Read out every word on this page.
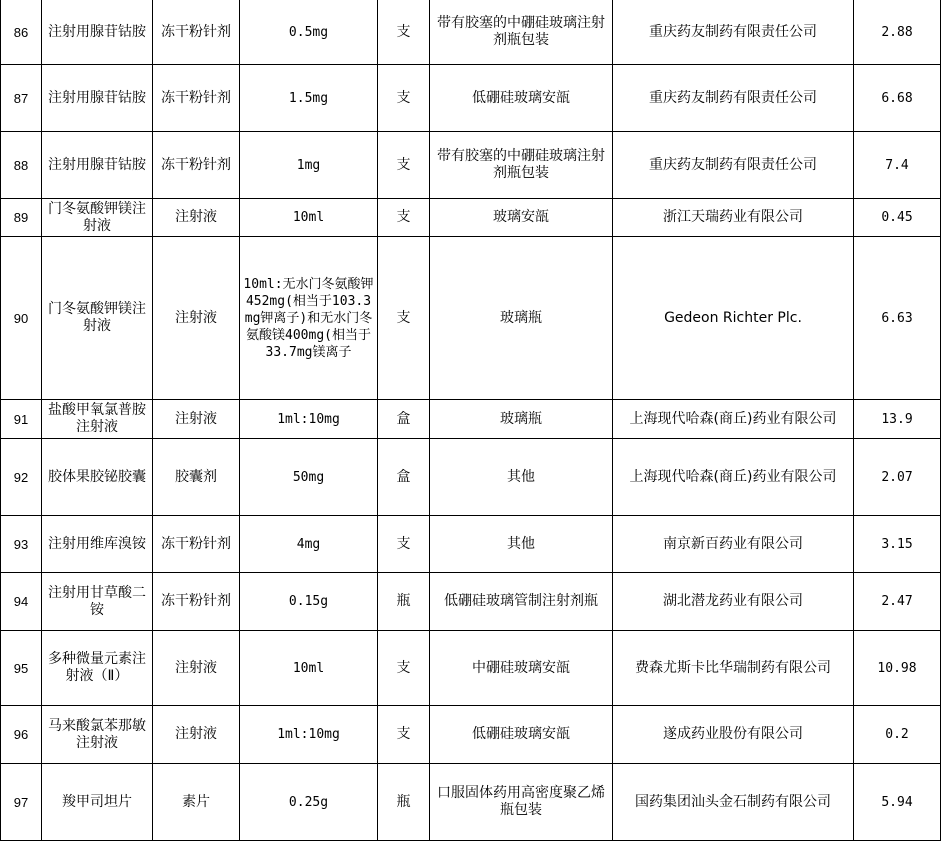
86	注射用腺苷钴胺	冻干粉针剂	0.5mg	支	带有胶塞的中硼硅玻璃注射剂瓶包装	重庆药友制药有限责任公司	2.88
87	注射用腺苷钴胺	冻干粉针剂	1.5mg	支	低硼硅玻璃安瓿	重庆药友制药有限责任公司	6.68
88	注射用腺苷钴胺	冻干粉针剂	1mg	支	带有胶塞的中硼硅玻璃注射剂瓶包装	重庆药友制药有限责任公司	7.4
89	门冬氨酸钾镁注射液	注射液	10ml	支	玻璃安瓿	浙江天瑞药业有限公司	0.45
90	门冬氨酸钾镁注射液	注射液	10ml:无水门冬氨酸钾452mg(相当于103.3mg钾离子)和无水门冬氨酸镁400mg(相当于33.7mg镁离子	支	玻璃瓶	Gedeon Richter Plc.	6.63
91	盐酸甲氧氯普胺注射液	注射液	1ml:10mg	盒	玻璃瓶	上海现代哈森(商丘)药业有限公司	13.9
92	胶体果胶铋胶囊	胶囊剂	50mg	盒	其他	上海现代哈森(商丘)药业有限公司	2.07
93	注射用维库溴铵	冻干粉针剂	4mg	支	其他	南京新百药业有限公司	3.15
94	注射用甘草酸二铵	冻干粉针剂	0.15g	瓶	低硼硅玻璃管制注射剂瓶	湖北潜龙药业有限公司	2.47
95	多种微量元素注射液（Ⅱ）	注射液	10ml	支	中硼硅玻璃安瓿	费森尤斯卡比华瑞制药有限公司	10.98
96	马来酸氯苯那敏注射液	注射液	1ml:10mg	支	低硼硅玻璃安瓿	遂成药业股份有限公司	0.2
97	羧甲司坦片	素片	0.25g	瓶	口服固体药用高密度聚乙烯瓶包装	国药集团汕头金石制药有限公司	5.94
